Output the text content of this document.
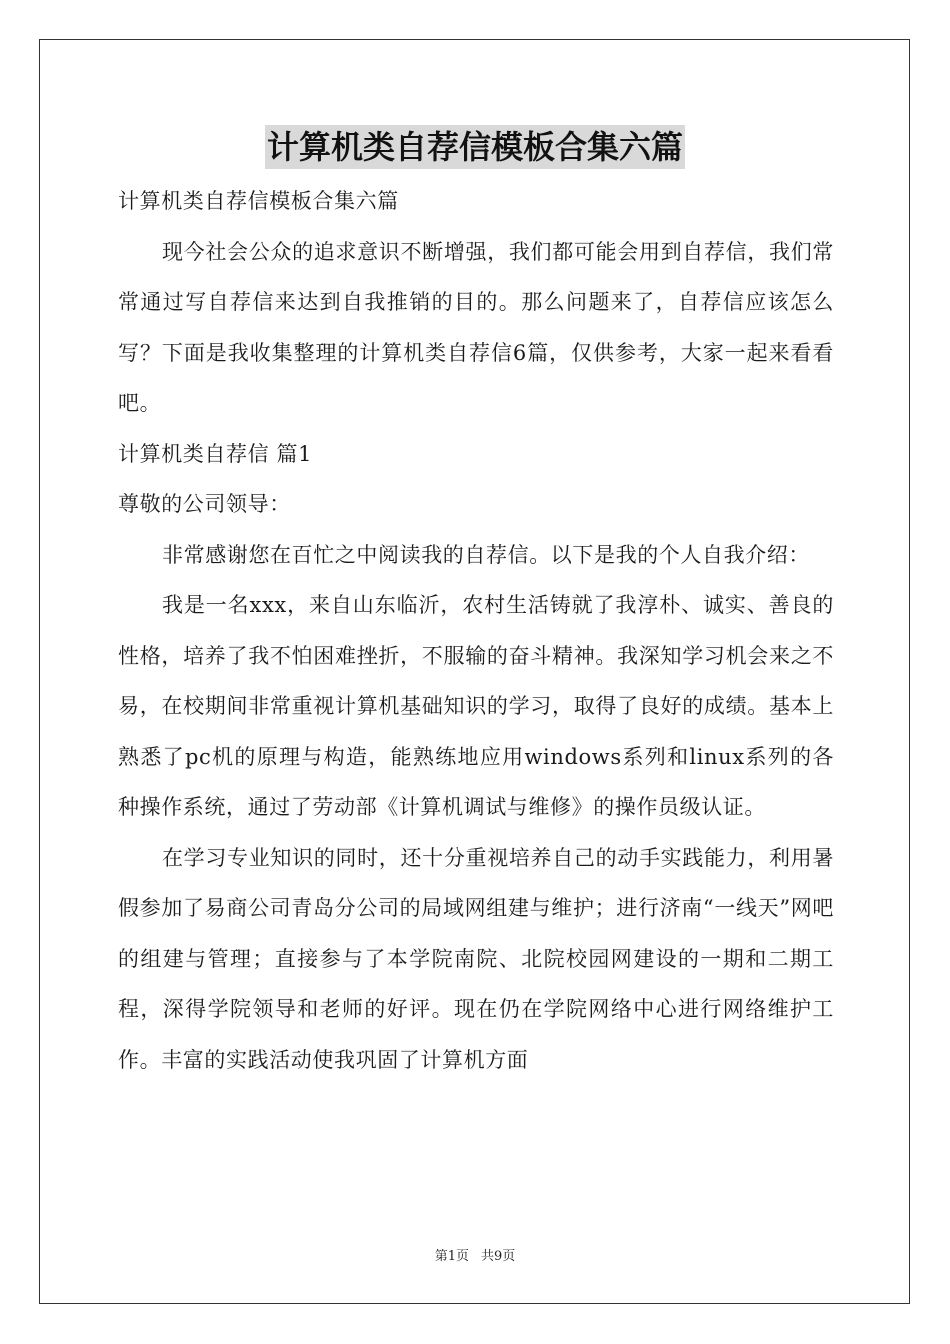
计算机类自荐信模板合集六篇

计算机类自荐信模板合集六篇

现今社会公众的追求意识不断增强，我们都可能会用到自荐信，我们常常通过写自荐信来达到自我推销的目的。那么问题来了，自荐信应该怎么写？下面是我收集整理的计算机类自荐信6篇，仅供参考，大家一起来看看吧。

计算机类自荐信 篇1

尊敬的公司领导：

非常感谢您在百忙之中阅读我的自荐信。以下是我的个人自我介绍：

我是一名xxx，来自山东临沂，农村生活铸就了我淳朴、诚实、善良的性格，培养了我不怕困难挫折，不服输的奋斗精神。我深知学习机会来之不易，在校期间非常重视计算机基础知识的学习，取得了良好的成绩。基本上熟悉了pc机的原理与构造，能熟练地应用windows系列和linux系列的各种操作系统，通过了劳动部《计算机调试与维修》的操作员级认证。

在学习专业知识的同时，还十分重视培养自己的动手实践能力，利用暑假参加了易商公司青岛分公司的局域网组建与维护；进行济南“一线天”网吧的组建与管理；直接参与了本学院南院、北院校园网建设的一期和二期工程，深得学院领导和老师的好评。现在仍在学院网络中心进行网络维护工作。丰富的实践活动使我巩固了计算机方面

第1页 共9页
